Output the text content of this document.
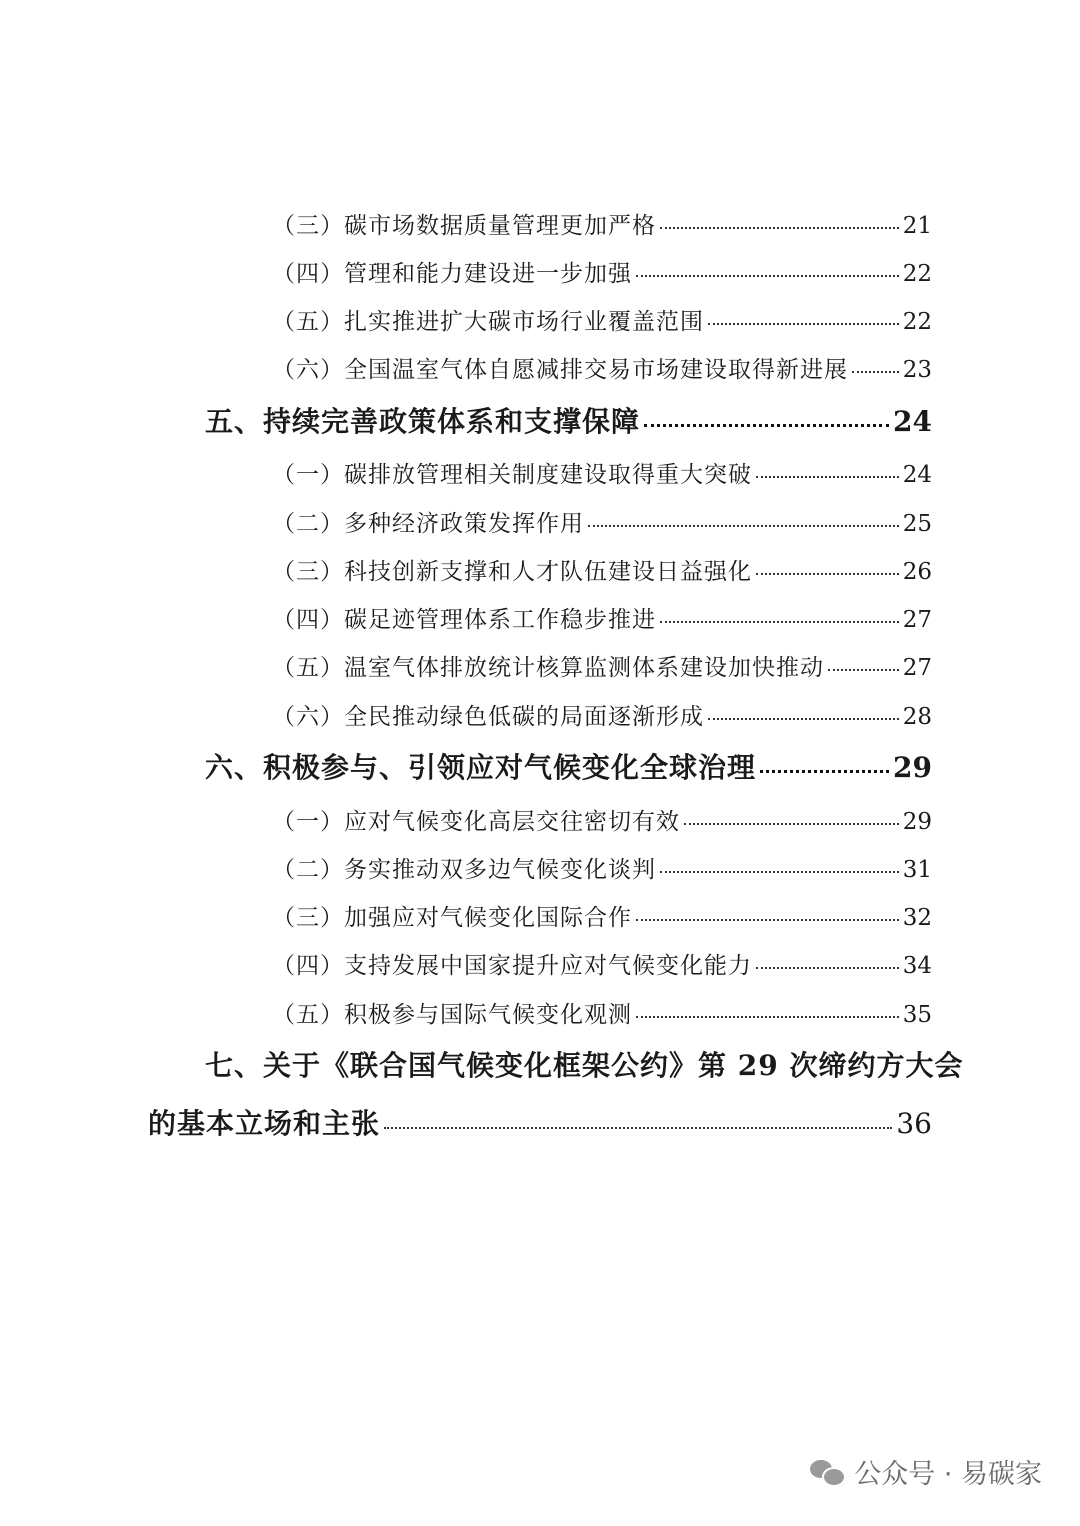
（三）碳市场数据质量管理更加严格	21
（四）管理和能力建设进一步加强	22
（五）扎实推进扩大碳市场行业覆盖范围	22
（六）全国温室气体自愿减排交易市场建设取得新进展 23
五、持续完善政策体系和支撑保障	24
（一）碳排放管理相关制度建设取得重大突破	24
（二）多种经济政策发挥作用	25
（三）科技创新支撑和人才队伍建设日益强化	26
（四）碳足迹管理体系工作稳步推进	27
（五）温室气体排放统计核算监测体系建设加快推动	27
（六）全民推动绿色低碳的局面逐渐形成	28
六、积极参与、引领应对气候变化全球治理	29
（一）应对气候变化高层交往密切有效	29
（二）务实推动双多边气候变化谈判	31
（三）加强应对气候变化国际合作	32
（四）支持发展中国家提升应对气候变化能力	34
（五）积极参与国际气候变化观测	35
七、关于《联合国气候变化框架公约》第 29 次缔约方大会
的基本立场和主张	36
公众号 · 易碳家
